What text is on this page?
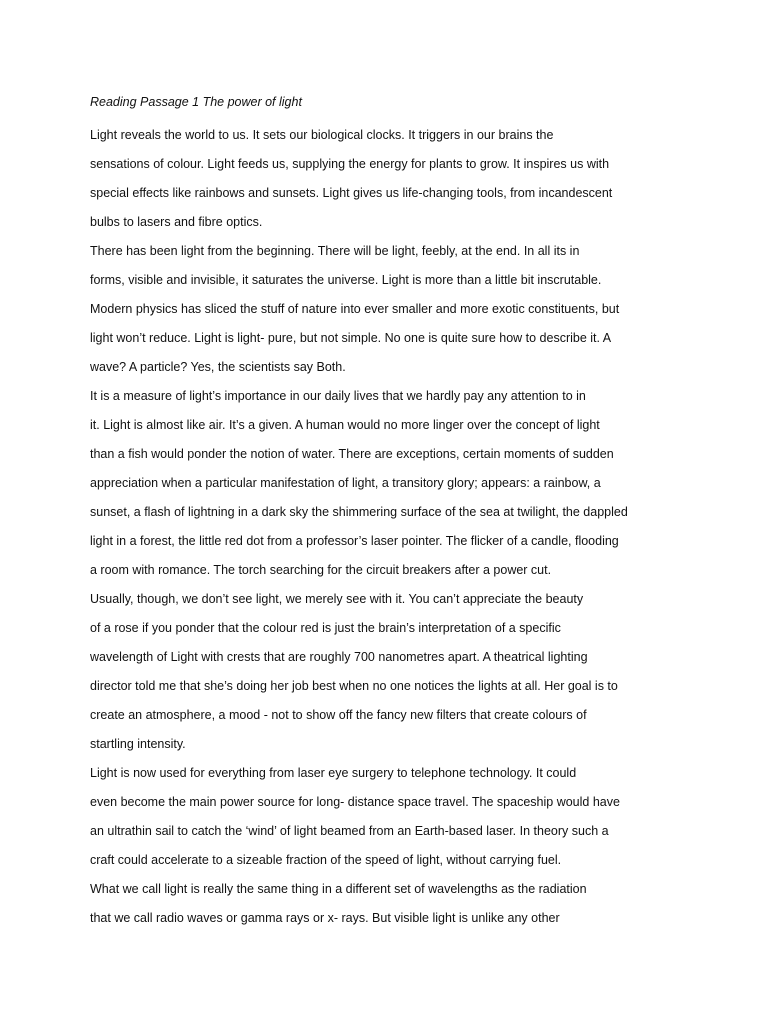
Reading Passage 1 The power of light

Light reveals the world to us. It sets our biological clocks. It triggers in our brains the

sensations of colour. Light feeds us, supplying the energy for plants to grow. It inspires us with

special effects like rainbows and sunsets. Light gives us life-changing tools, from incandescent

bulbs to lasers and fibre optics.

There has been light from the beginning. There will be light, feebly, at the end. In all its in

forms, visible and invisible, it saturates the universe. Light is more than a little bit inscrutable.

Modern physics has sliced the stuff of nature into ever smaller and more exotic constituents, but

light won’t reduce. Light is light- pure, but not simple. No one is quite sure how to describe it. A

wave? A particle? Yes, the scientists say Both.

It is a measure of light’s importance in our daily lives that we hardly pay any attention to in

it. Light is almost like air. It’s a given. A human would no more linger over the concept of light

than a fish would ponder the notion of water. There are exceptions, certain moments of sudden

appreciation when a particular manifestation of light, a transitory glory; appears: a rainbow, a

sunset, a flash of lightning in a dark sky the shimmering surface of the sea at twilight, the dappled

light in a forest, the little red dot from a professor’s laser pointer. The flicker of a candle, flooding

a room with romance. The torch searching for the circuit breakers after a power cut.

Usually, though, we don’t see light, we merely see with it. You can’t appreciate the beauty

of a rose if you ponder that the colour red is just the brain’s interpretation of a specific

wavelength of Light with crests that are roughly 700 nanometres apart. A theatrical lighting

director told me that she’s doing her job best when no one notices the lights at all. Her goal is to

create an atmosphere, a mood - not to show off the fancy new filters that create colours of

startling intensity.

Light is now used for everything from laser eye surgery to telephone technology. It could

even become the main power source for long- distance space travel. The spaceship would have

an ultrathin sail to catch the ‘wind’ of light beamed from an Earth-based laser. In theory such a

craft could accelerate to a sizeable fraction of the speed of light, without carrying fuel.

What we call light is really the same thing in a different set of wavelengths as the radiation

that we call radio waves or gamma rays or x- rays. But visible light is unlike any other
